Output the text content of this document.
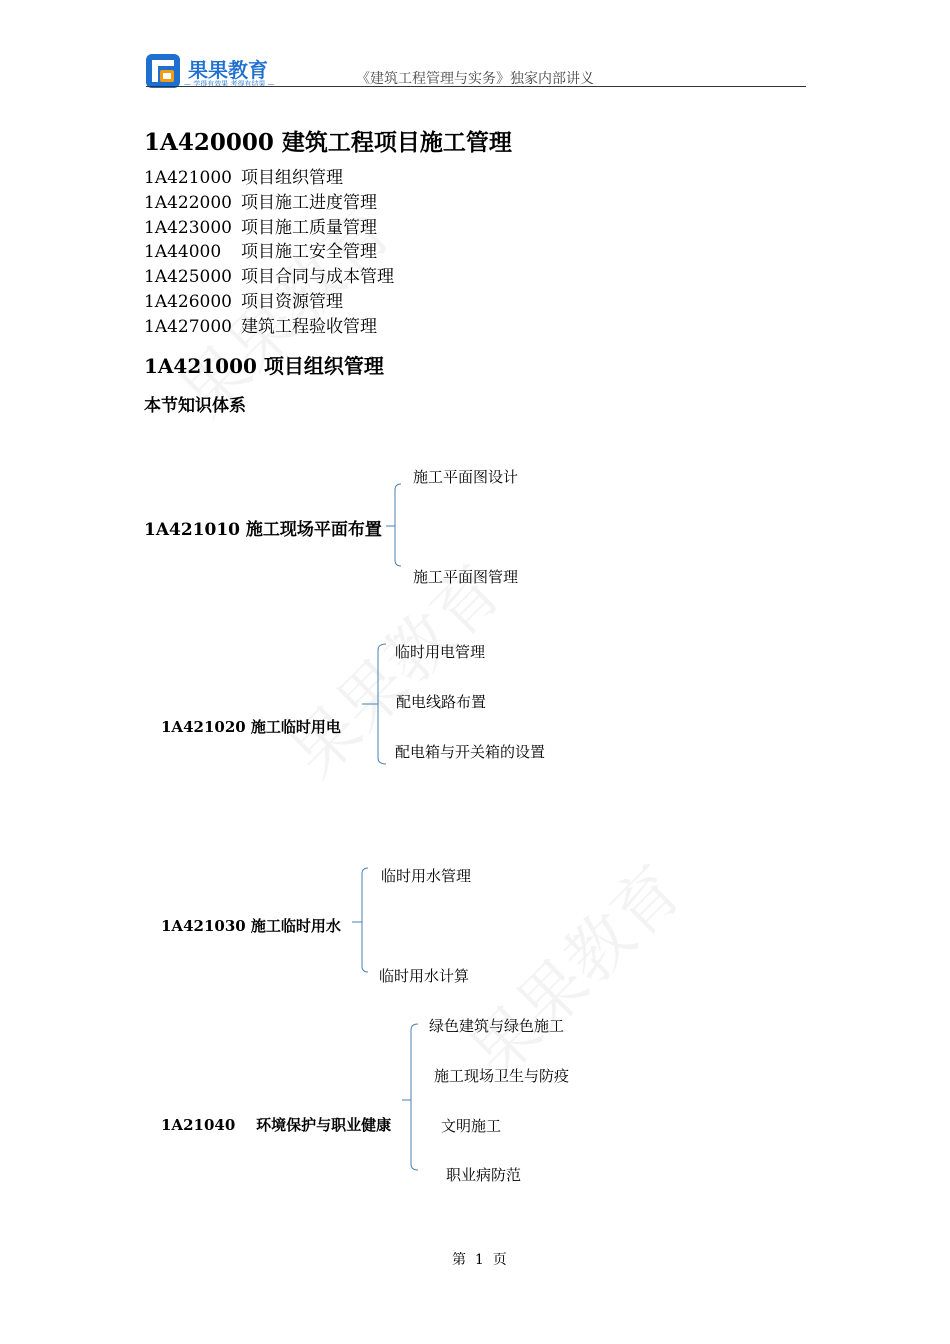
果果教育
— 学得有效果 考得有结果 —	《建筑工程管理与实务》独家内部讲义
1A420000 建筑工程项目施工管理
1A421000 项目组织管理
1A422000 项目施工进度管理
1A423000 项目施工质量管理
1A44000	项目施工安全管理
1A425000 项目合同与成本管理
1A426000 项目资源管理
1A427000 建筑工程验收管理
1A421000 项目组织管理
本节知识体系
1A421010 施工现场平面布置
施工平面图设计
施工平面图管理
1A421020 施工临时用电
临时用电管理
配电线路布置
配电箱与开关箱的设置
1A421030 施工临时用水
临时用水管理
临时用水计算
1A21040    环境保护与职业健康
绿色建筑与绿色施工
施工现场卫生与防疫
文明施工
职业病防范
第  1  页
